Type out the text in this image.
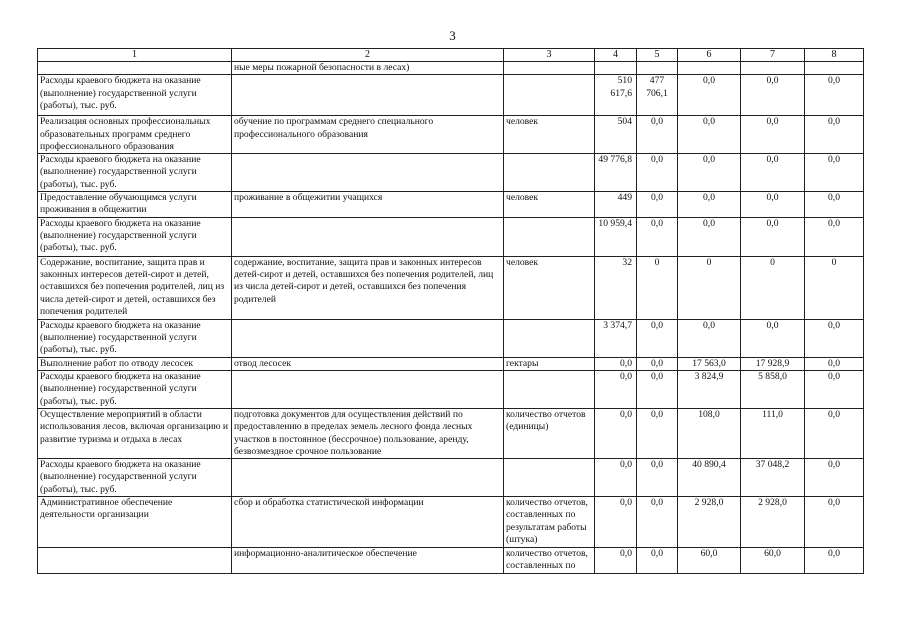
3
1	2	3	4	5	6	7	8
	ные меры пожарной безопасности в лесах)						
Расходы краевого бюджета на оказание (выполнение) государственной услуги (работы), тыс. руб.			510 617,6	477 706,1	0,0	0,0	0,0
Реализация основных профессиональных образовательных программ среднего профессионального образования	обучение по программам среднего специального профессионального образования	человек	504	0,0	0,0	0,0	0,0
Расходы краевого бюджета на оказание (выполнение) государственной услуги (работы), тыс. руб.			49 776,8	0,0	0,0	0,0	0,0
Предоставление обучающимся услуги проживания в общежитии	проживание в общежитии учащихся	человек	449	0,0	0,0	0,0	0,0
Расходы краевого бюджета на оказание (выполнение) государственной услуги (работы), тыс. руб.			10 959,4	0,0	0,0	0,0	0,0
Содержание, воспитание, защита прав и законных интересов детей-сирот и детей, оставшихся без попечения родителей, лиц из числа детей-сирот и детей, оставшихся без попечения родителей	содержание, воспитание, защита прав и законных интересов детей-сирот и детей, оставшихся без попечения родителей, лиц из числа детей-сирот и детей, оставшихся без попечения родителей	человек	32	0	0	0	0
Расходы краевого бюджета на оказание (выполнение) государственной услуги (работы), тыс. руб.			3 374,7	0,0	0,0	0,0	0,0
Выполнение работ по отводу лесосек	отвод лесосек	гектары	0,0	0,0	17 563,0	17 928,9	0,0
Расходы краевого бюджета на оказание (выполнение) государственной услуги (работы), тыс. руб.			0,0	0,0	3 824,9	5 858,0	0,0
Осуществление мероприятий в области использования лесов, включая организацию и развитие туризма и отдыха в лесах	подготовка документов для осуществления действий по предоставлению в пределах земель лесного фонда лесных участков в постоянное (бессрочное) пользование, аренду, безвозмездное срочное пользование	количество отчетов (единицы)	0,0	0,0	108,0	111,0	0,0
Расходы краевого бюджета на оказание (выполнение) государственной услуги (работы), тыс. руб.			0,0	0,0	40 890,4	37 048,2	0,0
Административное обеспечение деятельности организации	сбор и обработка статистической информации	количество отчетов, составленных по результатам работы (штука)	0,0	0,0	2 928,0	2 928,0	0,0
	информационно-аналитическое обеспечение	количество отчетов, составленных по	0,0	0,0	60,0	60,0	0,0
